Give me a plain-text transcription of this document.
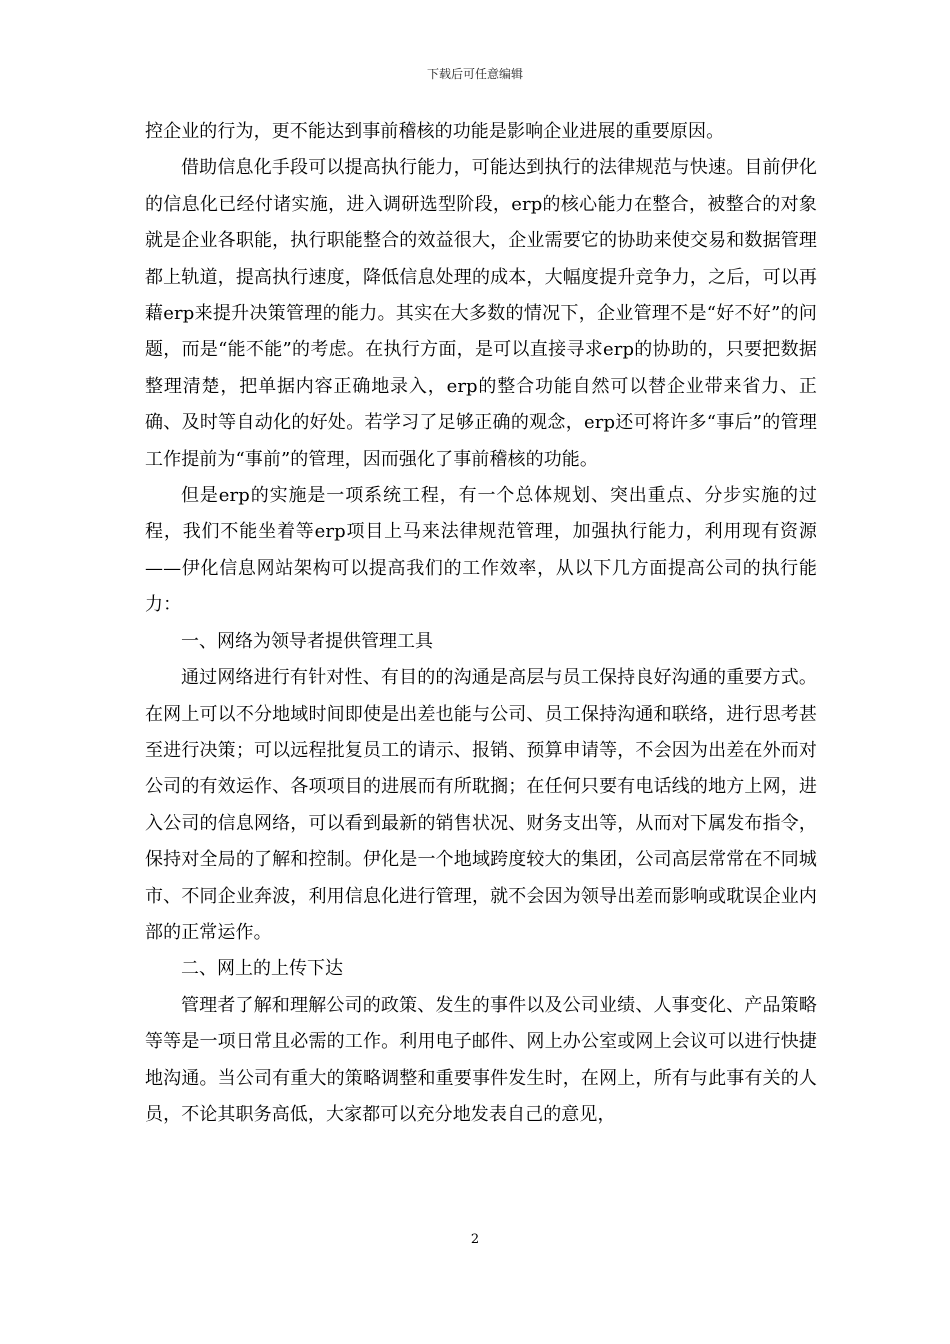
下载后可任意编辑

控企业的行为，更不能达到事前稽核的功能是影响企业进展的重要原因。

借助信息化手段可以提高执行能力，可能达到执行的法律规范与快速。目前伊化的信息化已经付诸实施，进入调研选型阶段，erp的核心能力在整合，被整合的对象就是企业各职能，执行职能整合的效益很大，企业需要它的协助来使交易和数据管理都上轨道，提高执行速度，降低信息处理的成本，大幅度提升竞争力，之后，可以再藉erp来提升决策管理的能力。其实在大多数的情况下，企业管理不是“好不好”的问题，而是“能不能”的考虑。在执行方面，是可以直接寻求erp的协助的，只要把数据整理清楚，把单据内容正确地录入，erp的整合功能自然可以替企业带来省力、正确、及时等自动化的好处。若学习了足够正确的观念，erp还可将许多“事后”的管理工作提前为“事前”的管理，因而强化了事前稽核的功能。

但是erp的实施是一项系统工程，有一个总体规划、突出重点、分步实施的过程，我们不能坐着等erp项目上马来法律规范管理，加强执行能力，利用现有资源——伊化信息网站架构可以提高我们的工作效率，从以下几方面提高公司的执行能力：

一、网络为领导者提供管理工具

通过网络进行有针对性、有目的的沟通是高层与员工保持良好沟通的重要方式。在网上可以不分地域时间即使是出差也能与公司、员工保持沟通和联络，进行思考甚至进行决策；可以远程批复员工的请示、报销、预算申请等，不会因为出差在外而对公司的有效运作、各项项目的进展而有所耽搁；在任何只要有电话线的地方上网，进入公司的信息网络，可以看到最新的销售状况、财务支出等，从而对下属发布指令，保持对全局的了解和控制。伊化是一个地域跨度较大的集团，公司高层常常在不同城市、不同企业奔波，利用信息化进行管理，就不会因为领导出差而影响或耽误企业内部的正常运作。

二、网上的上传下达

管理者了解和理解公司的政策、发生的事件以及公司业绩、人事变化、产品策略等等是一项日常且必需的工作。利用电子邮件、网上办公室或网上会议可以进行快捷地沟通。当公司有重大的策略调整和重要事件发生时，在网上，所有与此事有关的人员，不论其职务高低，大家都可以充分地发表自己的意见，

2
